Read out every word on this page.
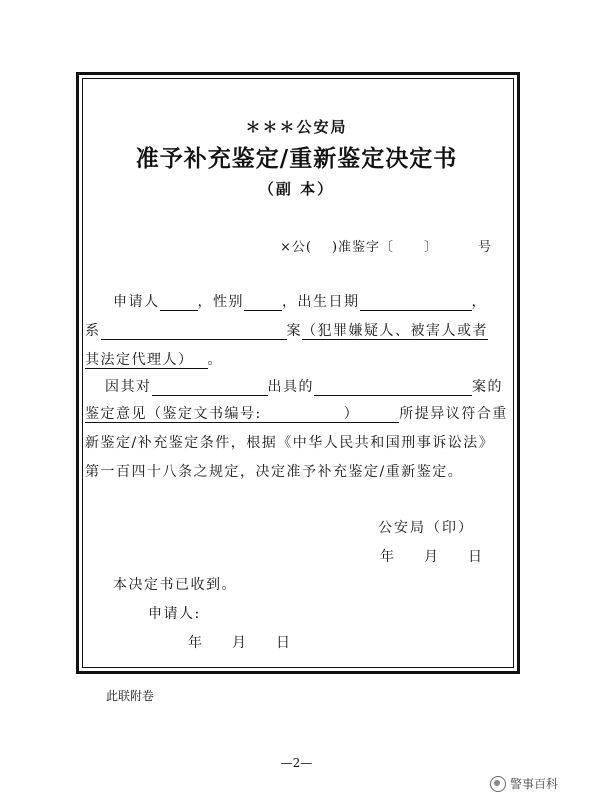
＊＊＊公安局
准予补充鉴定/重新鉴定决定书
（副 本）
×公( )准鉴字〔 〕	号
申请人	，性别	，出生日期	，
系	案（犯罪嫌疑人、被害人或者
其法定代理人） 。
因其对	出具的	案的
鉴定意见（鉴定文书编号:	）	所提异议符合重
新鉴定/补充鉴定条件，根据《中华人民共和国刑事诉讼法》
第一百四十八条之规定，决定准予补充鉴定/重新鉴定。
公安局（印）
年 月 日
本决定书已收到。
申请人:
年 月 日
此联附卷
—2—
警事百科
